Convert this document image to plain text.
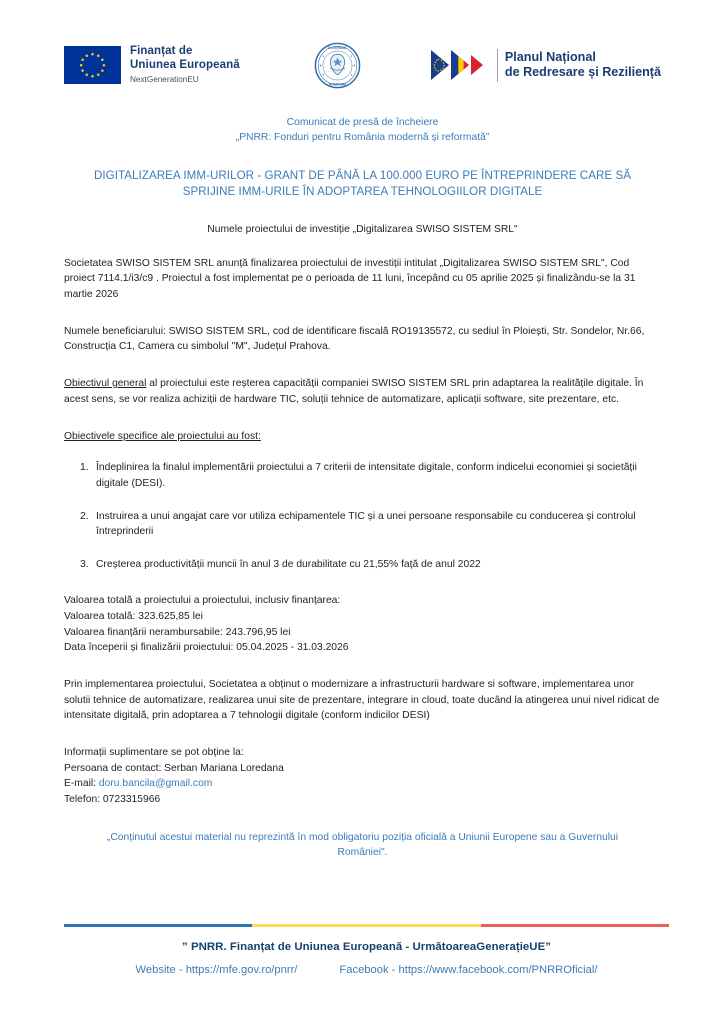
Finanțat de
Uniunea Europeană
NextGenerationEU
GUVERNUL
ROMÂNIEI
Planul Național
de Redresare și Reziliență
Comunicat de presă de încheiere
„PNRR: Fonduri pentru România modernă și reformată”
DIGITALIZAREA IMM-URILOR - GRANT DE PÂNĂ LA 100.000 EURO PE ÎNTREPRINDERE CARE SĂ
SPRIJINE IMM-URILE ÎN ADOPTAREA TEHNOLOGIILOR DIGITALE
Numele proiectului de investiție „Digitalizarea SWISO SISTEM SRL"
Societatea SWISO SISTEM SRL anunță finalizarea proiectului de investiții intitulat „Digitalizarea SWISO SISTEM SRL", Cod proiect 7114.1/i3/c9 . Proiectul a fost implementat pe o perioada de 11 luni, începând cu 05 aprilie 2025 și finalizându-se la 31 martie 2026
Numele beneficiarului: SWISO SISTEM SRL, cod de identificare fiscală RO19135572, cu sediul în Ploiești, Str. Sondelor, Nr.66, Construcția C1, Camera cu simbolul "M", Județul Prahova.
Obiectivul general al proiectului este reșterea capacității companiei SWISO SISTEM SRL prin adaptarea la realitățile digitale. În acest sens, se vor realiza achiziții de hardware TIC, soluții tehnice de automatizare, aplicații software, site prezentare, etc.
Obiectivele specifice ale proiectului au fost:
1. Îndeplinirea la finalul implementării proiectului a 7 criterii de intensitate digitale, conform indicelui economiei și societății digitale (DESI).
2. Instruirea a unui angajat care vor utiliza echipamentele TIC și a unei persoane responsabile cu conducerea și controlul întreprinderii
3. Creșterea productivității muncii în anul 3 de durabilitate cu 21,55% față de anul 2022
Valoarea totală a proiectului a proiectului, inclusiv finanțarea:
Valoarea totală: 323.625,85 lei
Valoarea finanțării nerambursabile: 243.796,95 lei
Data începerii și finalizării proiectului: 05.04.2025 - 31.03.2026
Prin implementarea proiectului, Societatea a obținut o modernizare a infrastructurii hardware si software, implementarea unor solutii tehnice de automatizare, realizarea unui site de prezentare, integrare in cloud, toate ducând la atingerea unui nivel ridicat de intensitate digitală, prin adoptarea a 7 tehnologii digitale (conform indicilor DESI)
Informații suplimentare se pot obține la:
Persoana de contact: Serban Mariana Loredana
E-mail: doru.bancila@gmail.com
Telefon: 0723315966
„Conținutul acestui material nu reprezintă în mod obligatoriu poziția oficială a Uniunii Europene sau a Guvernului României".
” PNRR. Finanțat de Uniunea Europeană - UrmătoareaGenerațieUE”
Website - https://mfe.gov.ro/pnrr/	Facebook - https://www.facebook.com/PNRROficial/
